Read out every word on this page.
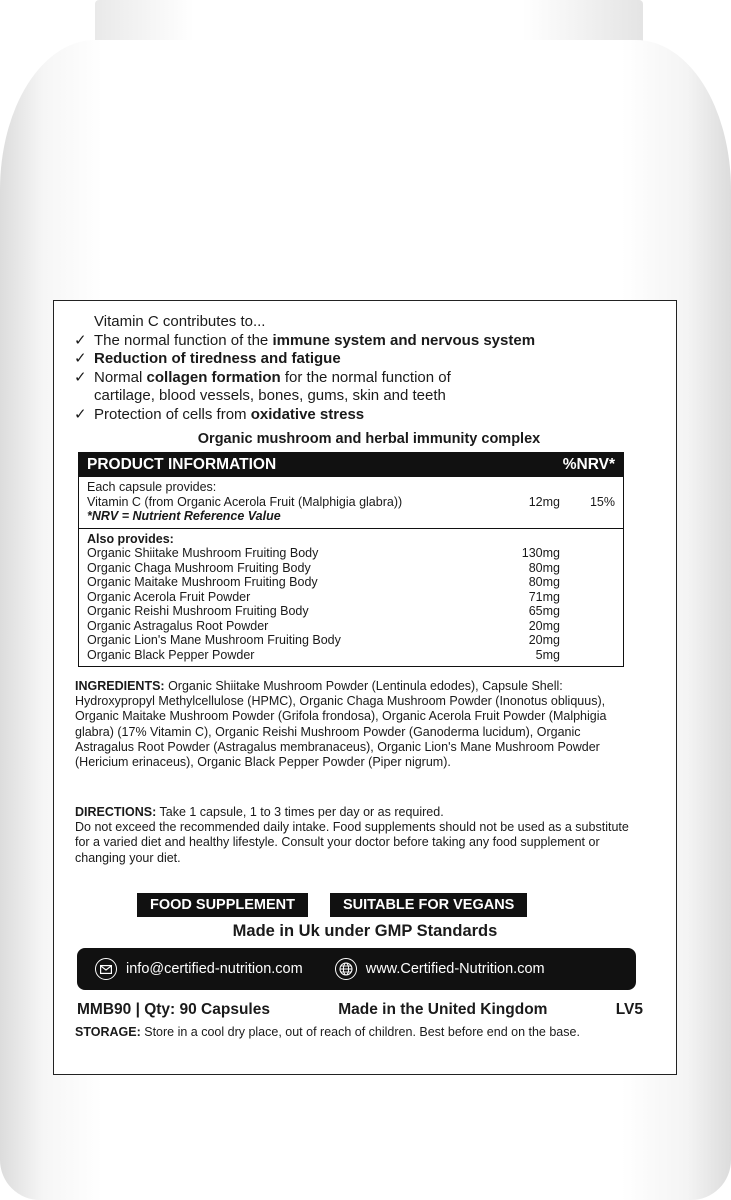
Vitamin C contributes to...
✓ The normal function of the immune system and nervous system
✓ Reduction of tiredness and fatigue
✓ Normal collagen formation for the normal function of
cartilage, blood vessels, bones, gums, skin and teeth
✓ Protection of cells from oxidative stress
Organic mushroom and herbal immunity complex
PRODUCT INFORMATION	%NRV*
Each capsule provides:
Vitamin C (from Organic Acerola Fruit (Malphigia glabra))	12mg	15%
*NRV = Nutrient Reference Value
Also provides:
Organic Shiitake Mushroom Fruiting Body	130mg
Organic Chaga Mushroom Fruiting Body	80mg
Organic Maitake Mushroom Fruiting Body	80mg
Organic Acerola Fruit Powder	71mg
Organic Reishi Mushroom Fruiting Body	65mg
Organic Astragalus Root Powder	20mg
Organic Lion's Mane Mushroom Fruiting Body	20mg
Organic Black Pepper Powder	5mg
INGREDIENTS: Organic Shiitake Mushroom Powder (Lentinula edodes), Capsule Shell: Hydroxypropyl Methylcellulose (HPMC), Organic Chaga Mushroom Powder (Inonotus obliquus), Organic Maitake Mushroom Powder (Grifola frondosa), Organic Acerola Fruit Powder (Malphigia glabra) (17% Vitamin C), Organic Reishi Mushroom Powder (Ganoderma lucidum), Organic Astragalus Root Powder (Astragalus membranaceus), Organic Lion's Mane Mushroom Powder (Hericium erinaceus), Organic Black Pepper Powder (Piper nigrum).
DIRECTIONS: Take 1 capsule, 1 to 3 times per day or as required.
Do not exceed the recommended daily intake. Food supplements should not be used as a substitute for a varied diet and healthy lifestyle. Consult your doctor before taking any food supplement or changing your diet.
FOOD SUPPLEMENT	SUITABLE FOR VEGANS
Made in Uk under GMP Standards
info@certified-nutrition.com	www.Certified-Nutrition.com
MMB90 | Qty: 90 Capsules	Made in the United Kingdom	LV5
STORAGE: Store in a cool dry place, out of reach of children. Best before end on the base.
